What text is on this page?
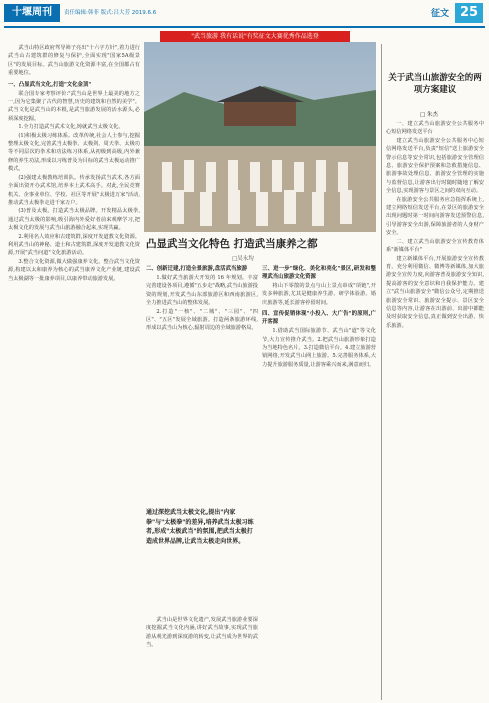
十堰周刊	责任编辑:韩菲 版式:吕大芳 2019.6.6	征文 25
"武当旅游 我有话说"有奖征文大赛优秀作品选登

武当山特区政府驾导筛子亮出"十六字方针",着力进行武当山古建筑群的修复与保护,全面实现"国家5A级景区"的发展目标。武当山旅游文化资源丰富,在全国都占有重要地位。

一、凸显武当文化,打造"文化金顶"

联合国专家考察评价:"武当山是世界上最美的地方之一,因为它集聚了古代的智慧,历史的建筑和自然的美学"。武当文化是武当山的本根,是武当旅游发展的活水源头,必须深度挖掘。

1.全力打造武当武术文化,铸就武当太极文化。

(1)积极太极习练体系。改革传统,社会人士参与,挖掘整理太极文化,完善武当太极拳、太极剑、周天拳、太极功等不同层次的拳术和功法练习体系,从初级到高级,内外兼修的养生功法,形成以习练普及为目标的武当太极运动推广模式。

(2)强建太极教练培训队。传承发扬武当武术,各方面全面出资开办武术馆,培养本土武术高手。对此,全民竞赛机关、企事业单位、学校、社区等开展"太极进万家"活动,推动武当太极拳走进千家万户。

(3)普及太极。打造武当太极品牌。开发精品太极拳,通过武当太极的影响,吸引海内外爱好者前来观摩学习,把太极文化的发展与武当山旅游融合起来,实现共赢。

2.利用名人效应和古建筑群,深度开发道教文化资源。利用武当山的神秘、道士和古建筑群,深度开发道教文化资源,开展"武当问道"文化旅游活动。

3.整合文化资源,做大做强康养文化。整合武当文化资源,构建以太和康养为核心的武当康养文化产业链,建设武当太极湖等一批康养项目,以康养带动旅游发展。

凸显武当文化特色 打造武当康养之都
□吴永均
二、创新迁建,打造全景旅游,盘活武当旅游

1.做好武当旅游大开发的 16 年规划。丰富完善建设各项目,遵循"五步走"战略,武当山旅游投资的规划,开发武当山东部旅游区和西南旅游区,全力推进武当山的整体发展。

2.打造"一核"、"二城"、"三园"、"四区"、"五区"发展全域旅游。打造两条旅游环线,形成以武当山为核心,辐射周边的全域旅游格局。

通过深挖武当太极文化,提出"内家拳"与"太极拳"的差异,培养武当太极习练者,形成"太极武当"的氛围,把武当太极打造成世界品牌,让武当太极走向世界。

武当山是世界文化遗产,发展武当旅游业要深度挖掘武当文化内涵,讲好武当故事,实现武当旅游从观光游到深度游的转变,让武当成为世界的武当。

三、进一步"绿化、美化和亮化"景区,研发和整理武当山旅游文化资源

将山下零散的景点与山上景点串成"项链",开发多种旅游,尤其是健康养生游、研学体验游、婚庆旅游等,延长游客停留时间。

四、宣传促销体现"小投入、大广告"的原则,广开客源

1.借助武当国际旅游节、武当山"道"等文化节,大力宣传推介武当。2.把武当山旅游形象打造为当地特色名片。3.打造微信平台。4.建立旅游营销网络,开发武当山网上旅游。5.完善服务体系,大力提升旅游服务质量,让游客乘兴而来,满意而归。

关于武当山旅游安全的两项方案建议
□ 朱杰

一、建立武当山旅游安全公共服务中心短信网络发送平台

建立武当山旅游安全公共服务中心短信网络发送平台,负责"短信"送上旅游安全警示信息等安全常识,包括旅游安全管理信息、旅游安全保护预案和急救措施信息、旅游事故处理信息、旅游安全管理的实施与监督信息,让游客出行时随时随地了解安全信息,实现游客与景区之间的双向互动。

在旅游安全公共服务应急指挥系统上,建立网络短信发送平台,在景区的旅游安全出现问题时第一时间向游客发送预警信息,引导游客安全出游,保障旅游者的人身财产安全。

二、建立武当山旅游安全宣传教育体系"新媒体平台"

建立新媒体平台,开展旅游安全宣传教育。充分利用微信、微博等新媒体,加大旅游安全宣传力度,向游客普及旅游安全知识,提高游客的安全意识和自我保护能力。建立"武当山旅游安全"微信公众号,定期推送旅游安全常识、旅游安全提示、景区安全信息等内容,让游客在出游前、出游中都能及时获取安全信息,真正做到安全出游、快乐旅游。
